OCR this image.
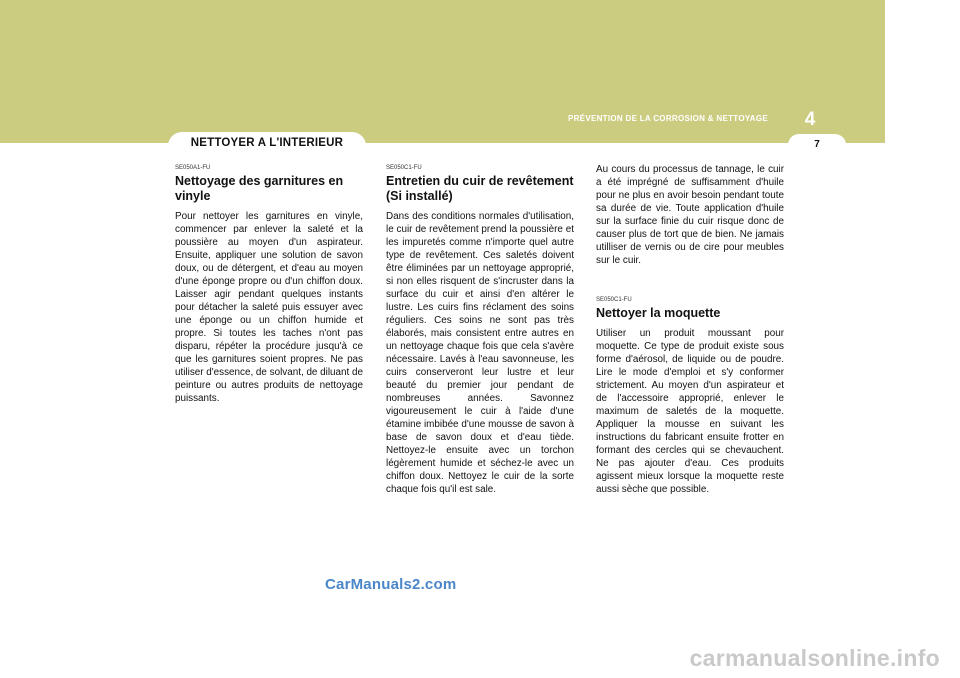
PRÉVENTION DE LA CORROSION & NETTOYAGE	4
7
NETTOYER A L'INTERIEUR

SE050A1-FU

Nettoyage des garnitures en vinyle

Pour nettoyer les garnitures en vinyle, commencer par enlever la saleté et la poussière au moyen d'un aspirateur. Ensuite, appliquer une solution de savon doux, ou de détergent, et d'eau au moyen d'une éponge propre ou d'un chiffon doux. Laisser agir pendant quelques instants pour détacher la saleté puis essuyer avec une éponge ou un chiffon humide et propre. Si toutes les taches n'ont pas disparu, répéter la procédure jusqu'à ce que les garnitures soient propres. Ne pas utiliser d'essence, de solvant, de diluant de peinture ou autres produits de nettoyage puissants.

SE050C1-FU

Entretien du cuir de revêtement (Si installé)

Dans des conditions normales d'utilisation, le cuir de revêtement prend la poussière et les impuretés comme n'importe quel autre type de revêtement. Ces saletés doivent être éliminées par un nettoyage approprié, si non elles risquent de s'incruster dans la surface du cuir et ainsi d'en altérer le lustre. Les cuirs fins réclament des soins réguliers. Ces soins ne sont pas très élaborés, mais consistent entre autres en un nettoyage chaque fois que cela s'avère nécessaire. Lavés à l'eau savonneuse, les cuirs conserveront leur lustre et leur beauté du premier jour pendant de nombreuses années. Savonnez vigoureusement le cuir à l'aide d'une étamine imbibée d'une mousse de savon à base de savon doux et d'eau tiède. Nettoyez-le ensuite avec un torchon légèrement humide et séchez-le avec un chiffon doux. Nettoyez le cuir de la sorte chaque fois qu'il est sale.

Au cours du processus de tannage, le cuir a été imprégné de suffisamment d'huile pour ne plus en avoir besoin pendant toute sa durée de vie. Toute application d'huile sur la surface finie du cuir risque donc de causer plus de tort que de bien. Ne jamais utilliser de vernis ou de cire pour meubles sur le cuir.

SE050C1-FU

Nettoyer la moquette

Utiliser un produit moussant pour moquette. Ce type de produit existe sous forme d'aérosol, de liquide ou de poudre. Lire le mode d'emploi et s'y conformer strictement. Au moyen d'un aspirateur et de l'accessoire approprié, enlever le maximum de saletés de la moquette. Appliquer la mousse en suivant les instructions du fabricant ensuite frotter en formant des cercles qui se chevauchent. Ne pas ajouter d'eau. Ces produits agissent mieux lorsque la moquette reste aussi sèche que possible.

CarManuals2.com
carmanualsonline.info
